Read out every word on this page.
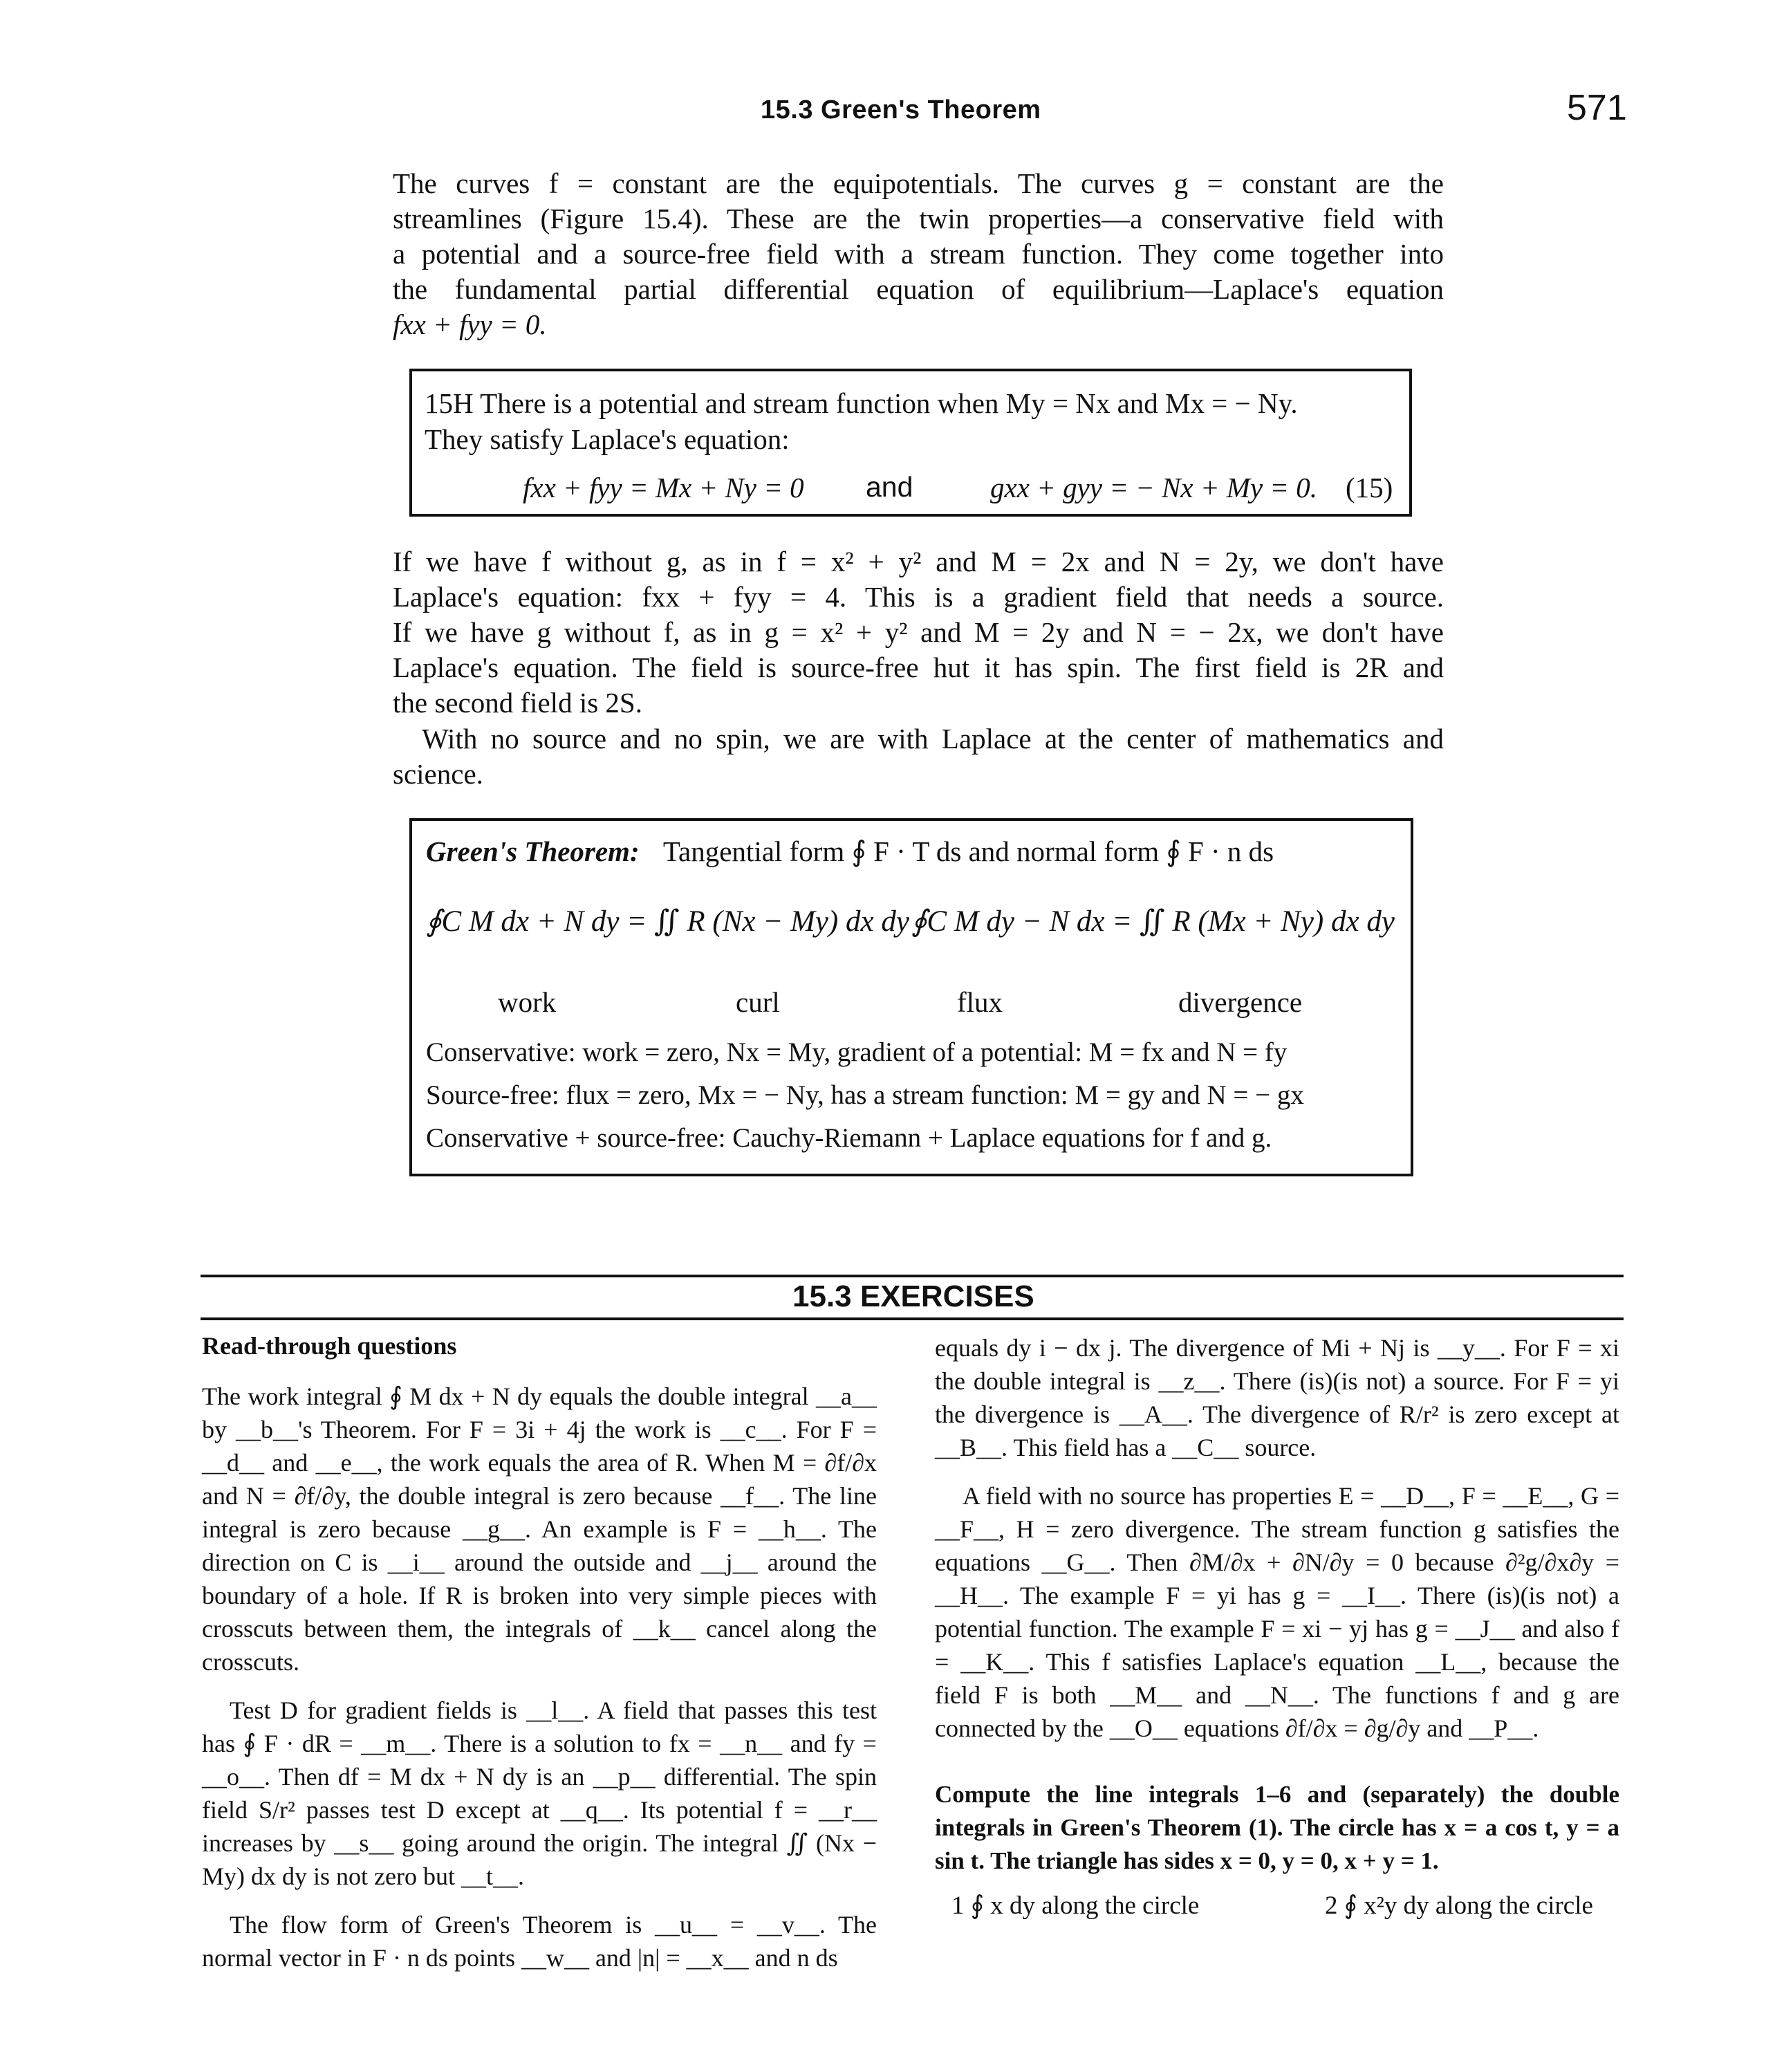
15.3 Green's Theorem	571

The curves f = constant are the equipotentials. The curves g = constant are the

streamlines (Figure 15.4). These are the twin properties—a conservative field with

a potential and a source-free field with a stream function. They come together into

the fundamental partial differential equation of equilibrium—Laplace's equation

fxx + fyy = 0.

15H There is a potential and stream function when My = Nx and Mx = − Ny.
They satisfy Laplace's equation:
fxx + fyy = Mx + Ny = 0 and	gxx + gyy = − Nx + My = 0. (15)

If we have f without g, as in f = x² + y² and M = 2x and N = 2y, we don't have

Laplace's equation: fxx + fyy = 4. This is a gradient field that needs a source.

If we have g without f, as in g = x² + y² and M = 2y and N = − 2x, we don't have

Laplace's equation. The field is source-free hut it has spin. The first field is 2R and

the second field is 2S.

With no source and no spin, we are with Laplace at the center of mathematics and

science.

Green's Theorem: Tangential form ∮ F · T ds and normal form ∮ F · n ds
∮C M dx + N dy = ∬ R (Nx − My) dx dy ∮C M dy − N dx = ∬ R (Mx + Ny) dx dy
work	curl	flux	divergence
Conservative: work = zero, Nx = My, gradient of a potential: M = fx and N = fy
Source-free: flux = zero, Mx = − Ny, has a stream function: M = gy and N = − gx
Conservative + source-free: Cauchy-Riemann + Laplace equations for f and g.
15.3 EXERCISES
Read-through questions

The work integral ∮ M dx + N dy equals the double integral __a__ by __b__'s Theorem. For F = 3i + 4j the work is __c__. For F = __d__ and __e__, the work equals the area of R. When M = ∂f/∂x and N = ∂f/∂y, the double integral is zero because __f__. The line integral is zero because __g__. An example is F = __h__. The direction on C is __i__ around the outside and __j__ around the boundary of a hole. If R is broken into very simple pieces with crosscuts between them, the integrals of __k__ cancel along the crosscuts.

Test D for gradient fields is __l__. A field that passes this test has ∮ F · dR = __m__. There is a solution to fx = __n__ and fy = __o__. Then df = M dx + N dy is an __p__ differential. The spin field S/r² passes test D except at __q__. Its potential f = __r__ increases by __s__ going around the origin. The integral ∬ (Nx − My) dx dy is not zero but __t__.

The flow form of Green's Theorem is __u__ = __v__. The normal vector in F · n ds points __w__ and |n| = __x__ and n ds

equals dy i − dx j. The divergence of Mi + Nj is __y__. For F = xi the double integral is __z__. There (is)(is not) a source. For F = yi the divergence is __A__. The divergence of R/r² is zero except at __B__. This field has a __C__ source.

A field with no source has properties E = __D__, F = __E__, G = __F__, H = zero divergence. The stream function g satisfies the equations __G__. Then ∂M/∂x + ∂N/∂y = 0 because ∂²g/∂x∂y = __H__. The example F = yi has g = __I__. There (is)(is not) a potential function. The example F = xi − yj has g = __J__ and also f = __K__. This f satisfies Laplace's equation __L__, because the field F is both __M__ and __N__. The functions f and g are connected by the __O__ equations ∂f/∂x = ∂g/∂y and __P__.

Compute the line integrals 1–6 and (separately) the double integrals in Green's Theorem (1). The circle has x = a cos t, y = a sin t. The triangle has sides x = 0, y = 0, x + y = 1.
1 ∮ x dy along the circle	2 ∮ x²y dy along the circle
